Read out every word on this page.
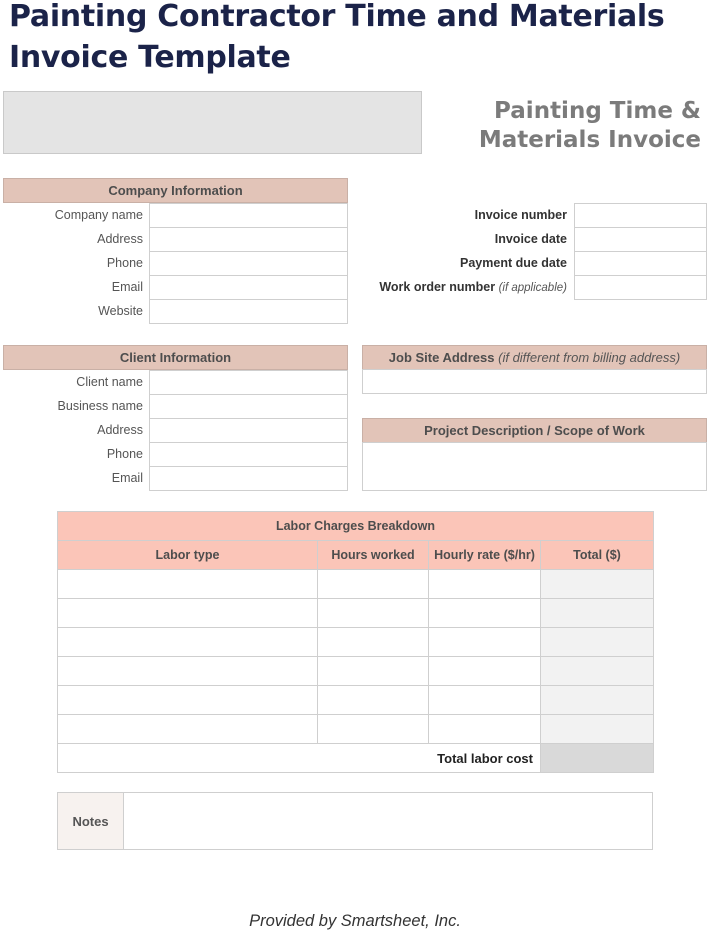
Painting Contractor Time and Materials
Invoice Template
Painting Time &
Materials Invoice
Company Information
Company name
Address
Phone
Email
Website
Invoice number
Invoice date
Payment due date
Work order number (if applicable)
Client Information
Client name
Business name
Address
Phone
Email
Job Site Address
(if different from billing address)
Project Description / Scope of Work
Labor Charges Breakdown			
Labor type	Hours worked	Hourly rate ($/hr)	Total ($)

Total labor cost			
Notes
Provided by Smartsheet, Inc.
